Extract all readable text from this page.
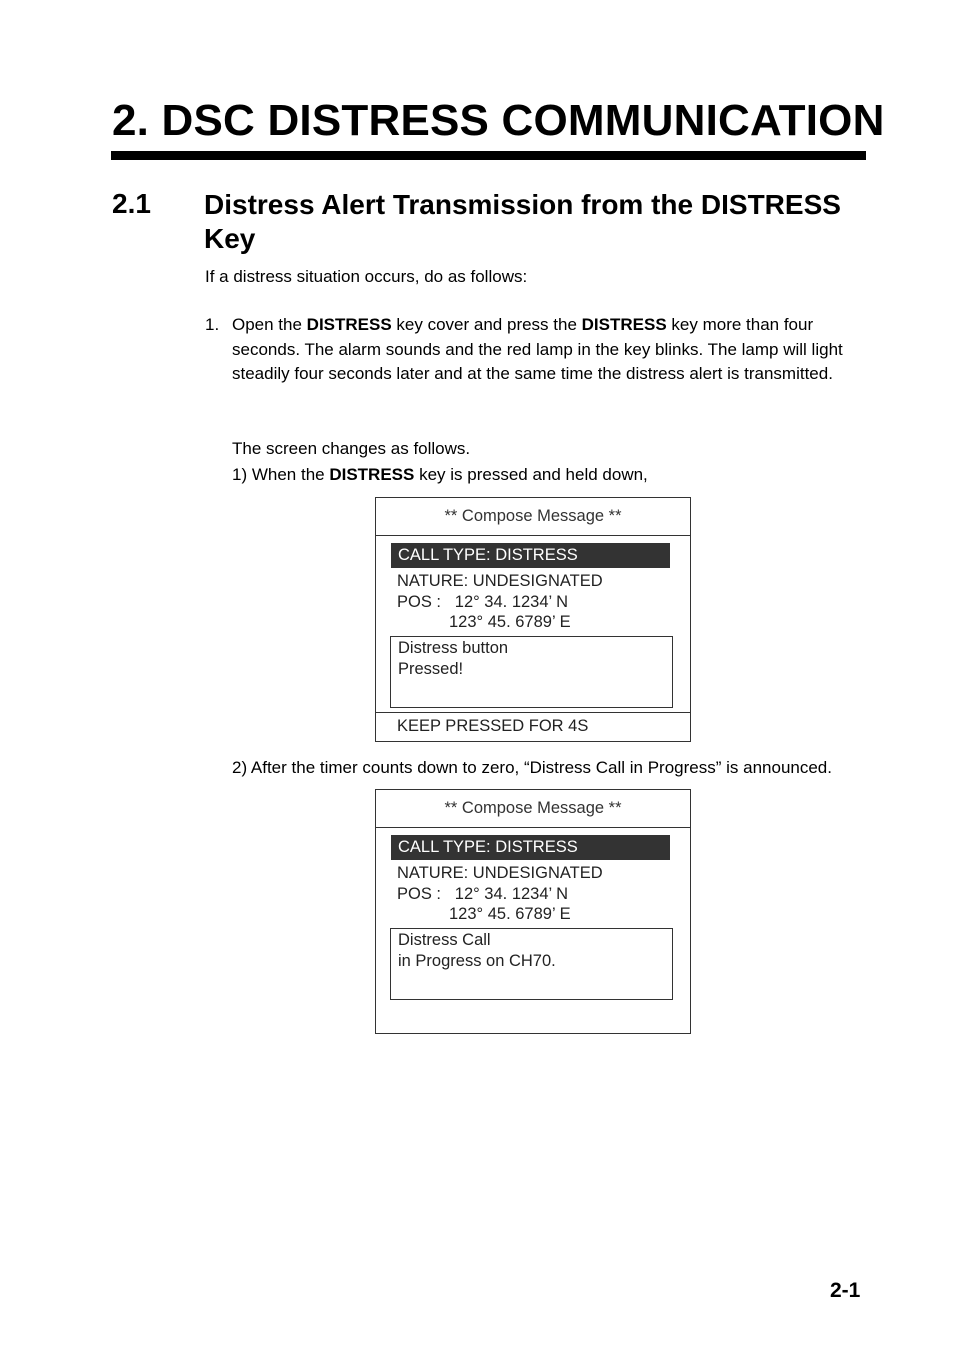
2. DSC DISTRESS COMMUNICATION
2.1 Distress Alert Transmission from the DISTRESS Key
If a distress situation occurs, do as follows:
1. Open the DISTRESS key cover and press the DISTRESS key more than four seconds. The alarm sounds and the red lamp in the key blinks. The lamp will light steadily four seconds later and at the same time the distress alert is transmitted.
The screen changes as follows.
1) When the DISTRESS key is pressed and held down,
** Compose Message **
CALL TYPE: DISTRESS
NATURE: UNDESIGNATED
POS :   12° 34. 1234’ N
123° 45. 6789’ E
Distress button
Pressed!
KEEP PRESSED FOR 4S
2) After the timer counts down to zero, “Distress Call in Progress” is announced.
** Compose Message **
CALL TYPE: DISTRESS
NATURE: UNDESIGNATED
POS :   12° 34. 1234’ N
123° 45. 6789’ E
Distress Call
in Progress on CH70.
2-1
